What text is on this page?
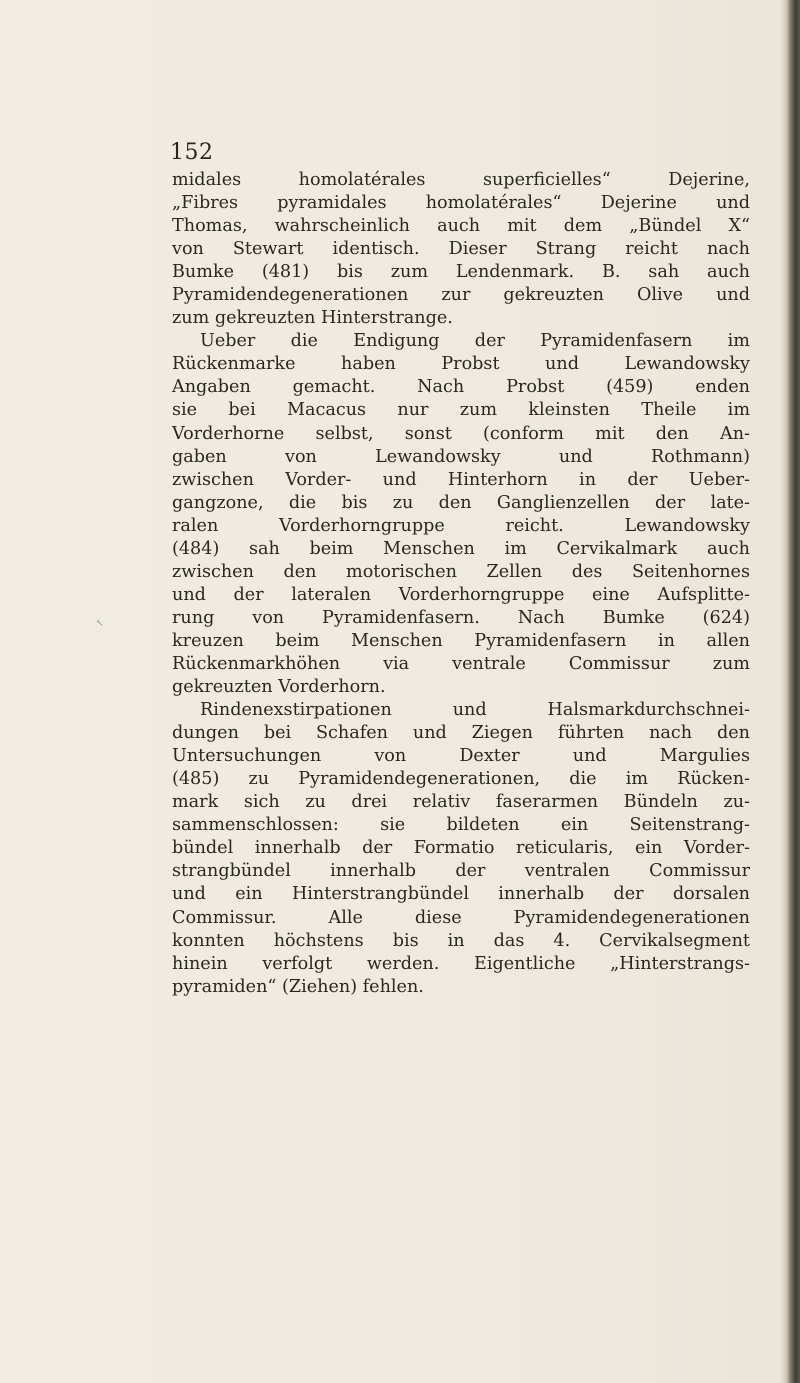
152
midales homolatérales superficielles“ Dejerine,
„Fibres pyramidales homolatérales“ Dejerine und
Thomas, wahrscheinlich auch mit dem „Bündel X“
von Stewart identisch. Dieser Strang reicht nach
Bumke (481) bis zum Lendenmark. B. sah auch
Pyramidendegenerationen zur gekreuzten Olive und
zum gekreuzten Hinterstrange.
Ueber die Endigung der Pyramidenfasern im
Rückenmarke haben Probst und Lewandowsky
Angaben gemacht. Nach Probst (459) enden
sie bei Macacus nur zum kleinsten Theile im
Vorderhorne selbst, sonst (conform mit den An-
gaben von Lewandowsky und Rothmann)
zwischen Vorder- und Hinterhorn in der Ueber-
gangzone, die bis zu den Ganglienzellen der late-
ralen Vorderhorngruppe reicht. Lewandowsky
(484) sah beim Menschen im Cervikalmark auch
zwischen den motorischen Zellen des Seitenhornes
und der lateralen Vorderhorngruppe eine Aufsplitte-
rung von Pyramidenfasern. Nach Bumke (624)
kreuzen beim Menschen Pyramidenfasern in allen
Rückenmarkhöhen via ventrale Commissur zum
gekreuzten Vorderhorn.
Rindenexstirpationen und Halsmarkdurchschnei-
dungen bei Schafen und Ziegen führten nach den
Untersuchungen von Dexter und Margulies
(485) zu Pyramidendegenerationen, die im Rücken-
mark sich zu drei relativ faserarmen Bündeln zu-
sammenschlossen: sie bildeten ein Seitenstrang-
bündel innerhalb der Formatio reticularis, ein Vorder-
strangbündel innerhalb der ventralen Commissur
und ein Hinterstrangbündel innerhalb der dorsalen
Commissur. Alle diese Pyramidendegenerationen
konnten höchstens bis in das 4. Cervikalsegment
hinein verfolgt werden. Eigentliche „Hinterstrangs-
pyramiden“ (Ziehen) fehlen.
↖
